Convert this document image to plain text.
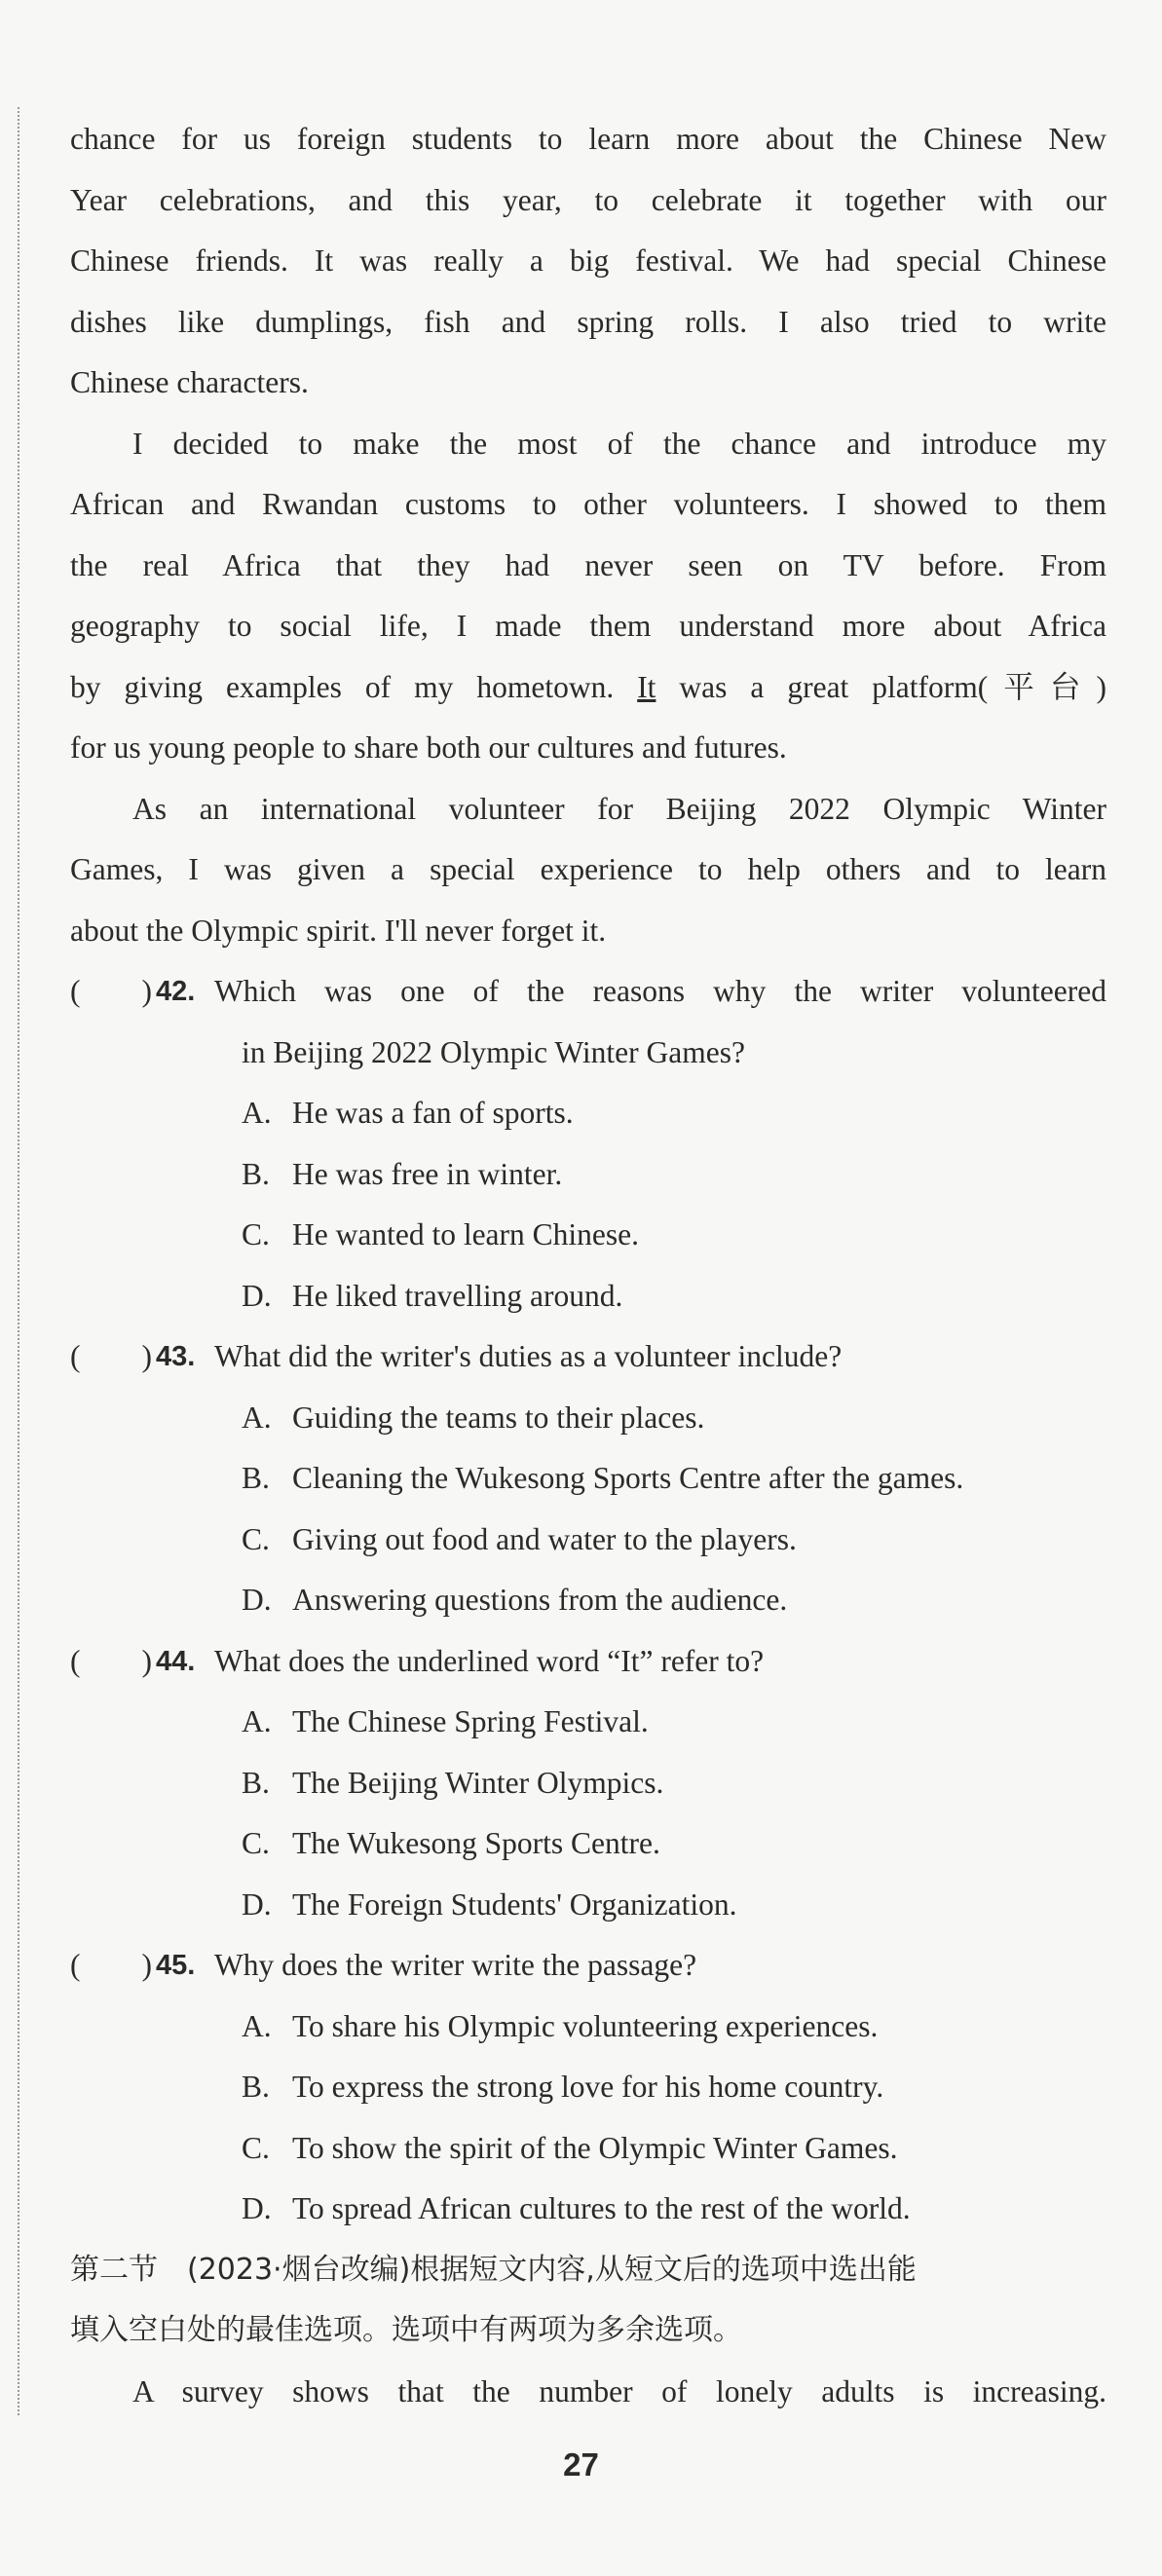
chance for us foreign students to learn more about the Chinese New

Year celebrations, and this year, to celebrate it together with our

Chinese friends. It was really a big festival. We had special Chinese

dishes like dumplings, fish and spring rolls. I also tried to write

Chinese characters.

I decided to make the most of the chance and introduce my

African and Rwandan customs to other volunteers. I showed to them

the real Africa that they had never seen on TV before. From

geography to social life, I made them understand more about Africa

by giving examples of my hometown. It was a great platform(平台)

for us young people to share both our cultures and futures.

As an international volunteer for Beijing 2022 Olympic Winter

Games, I was given a special experience to help others and to learn

about the Olympic spirit. I'll never forget it.

(        ) 42. Which was one of the reasons why the writer volunteered
in Beijing 2022 Olympic Winter Games?
A. He was a fan of sports.
B. He was free in winter.
C. He wanted to learn Chinese.
D. He liked travelling around.
(        ) 43. What did the writer's duties as a volunteer include?
A. Guiding the teams to their places.
B. Cleaning the Wukesong Sports Centre after the games.
C. Giving out food and water to the players.
D. Answering questions from the audience.
(        ) 44. What does the underlined word “It” refer to?
A. The Chinese Spring Festival.
B. The Beijing Winter Olympics.
C. The Wukesong Sports Centre.
D. The Foreign Students' Organization.
(        ) 45. Why does the writer write the passage?
A. To share his Olympic volunteering experiences.
B. To express the strong love for his home country.
C. To show the spirit of the Olympic Winter Games.
D. To spread African cultures to the rest of the world.

第二节 (2023·烟台改编)根据短文内容,从短文后的选项中选出能

填入空白处的最佳选项。选项中有两项为多余选项。

A survey shows that the number of lonely adults is increasing.

27
